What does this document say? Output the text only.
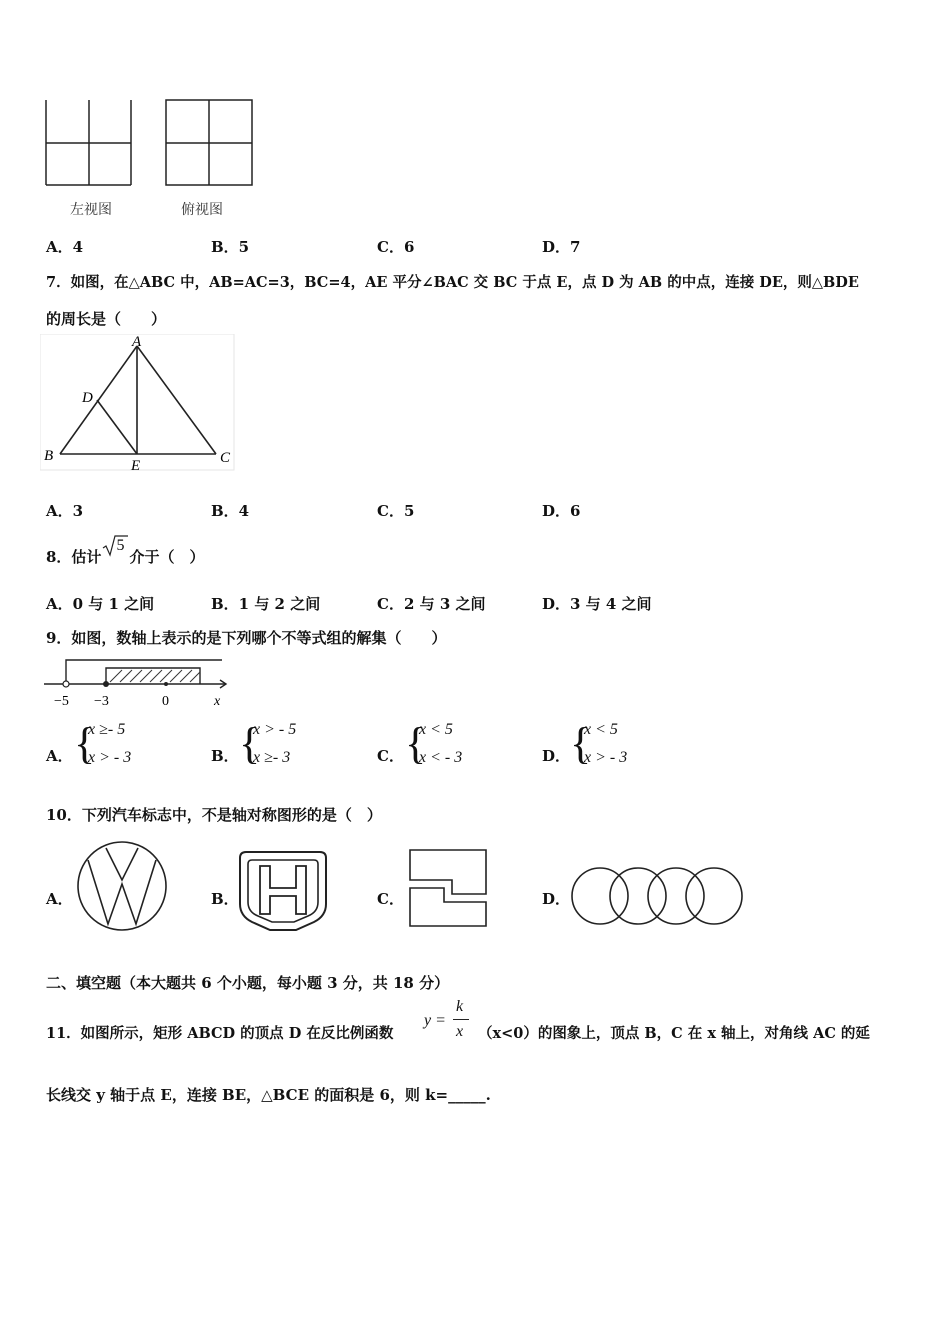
左视图	俯视图
A．4	B．5	C．6	D．7
7．如图，在△ABC 中，AB=AC=3，BC=4，AE 平分∠BAC 交 BC 于点 E，点 D 为 AB 的中点，连接 DE，则△BDE
的周长是（　　）
A
D
B
E	C
A．3	B．4	C．5	D．6
8．估计
5
介于（　）
A．0 与 1 之间	B．1 与 2 之间	C．2 与 3 之间	D．3 与 4 之间
9．如图，数轴上表示的是下列哪个不等式组的解集（　　）
−5 −3	0	x
A． {
x ≥- 5
x > - 3	B． {
x > - 5
x ≥- 3	C． {
x < 5
x < - 3	D． {
x < 5
x > - 3
10．下列汽车标志中，不是轴对称图形的是（　）
A．	B．	C．	D．
二、填空题（本大题共 6 个小题，每小题 3 分，共 18 分）
11．如图所示，矩形 ABCD 的顶点 D 在反比例函数
y =
k
x （x<0）的图象上，顶点 B，C 在 x 轴上，对角线 AC 的延
长线交 y 轴于点 E，连接 BE，△BCE 的面积是 6，则 k=_____.
